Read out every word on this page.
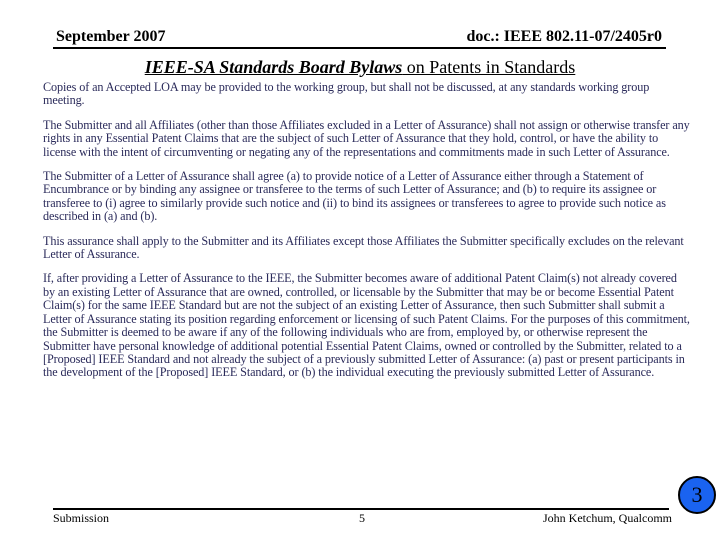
September 2007	doc.: IEEE 802.11-07/2405r0
IEEE-SA Standards Board Bylaws on Patents in Standards

Copies of an Accepted LOA may be provided to the working group, but shall not be discussed, at any standards working group meeting.

The Submitter and all Affiliates (other than those Affiliates excluded in a Letter of Assurance) shall not assign or otherwise transfer any rights in any Essential Patent Claims that are the subject of such Letter of Assurance that they hold, control, or have the ability to license with the intent of circumventing or negating any of the representations and commitments made in such Letter of Assurance.

The Submitter of a Letter of Assurance shall agree (a) to provide notice of a Letter of Assurance either through a Statement of Encumbrance or by binding any assignee or transferee to the terms of such Letter of Assurance; and (b) to require its assignee or transferee to (i) agree to similarly provide such notice and (ii) to bind its assignees or transferees to agree to provide such notice as described in (a) and (b).

This assurance shall apply to the Submitter and its Affiliates except those Affiliates the Submitter specifically excludes on the relevant Letter of Assurance.

If, after providing a Letter of Assurance to the IEEE, the Submitter becomes aware of additional Patent Claim(s) not already covered by an existing Letter of Assurance that are owned, controlled, or licensable by the Submitter that may be or become Essential Patent Claim(s) for the same IEEE Standard but are not the subject of an existing Letter of Assurance, then such Submitter shall submit a Letter of Assurance stating its position regarding enforcement or licensing of such Patent Claims. For the purposes of this commitment, the Submitter is deemed to be aware if any of the following individuals who are from, employed by, or otherwise represent the Submitter have personal knowledge of additional potential Essential Patent Claims, owned or controlled by the Submitter, related to a [Proposed] IEEE Standard and not already the subject of a previously submitted Letter of Assurance: (a) past or present participants in the development of the [Proposed] IEEE Standard, or (b) the individual executing the previously submitted Letter of Assurance.

3
Submission	5	John Ketchum, Qualcomm
